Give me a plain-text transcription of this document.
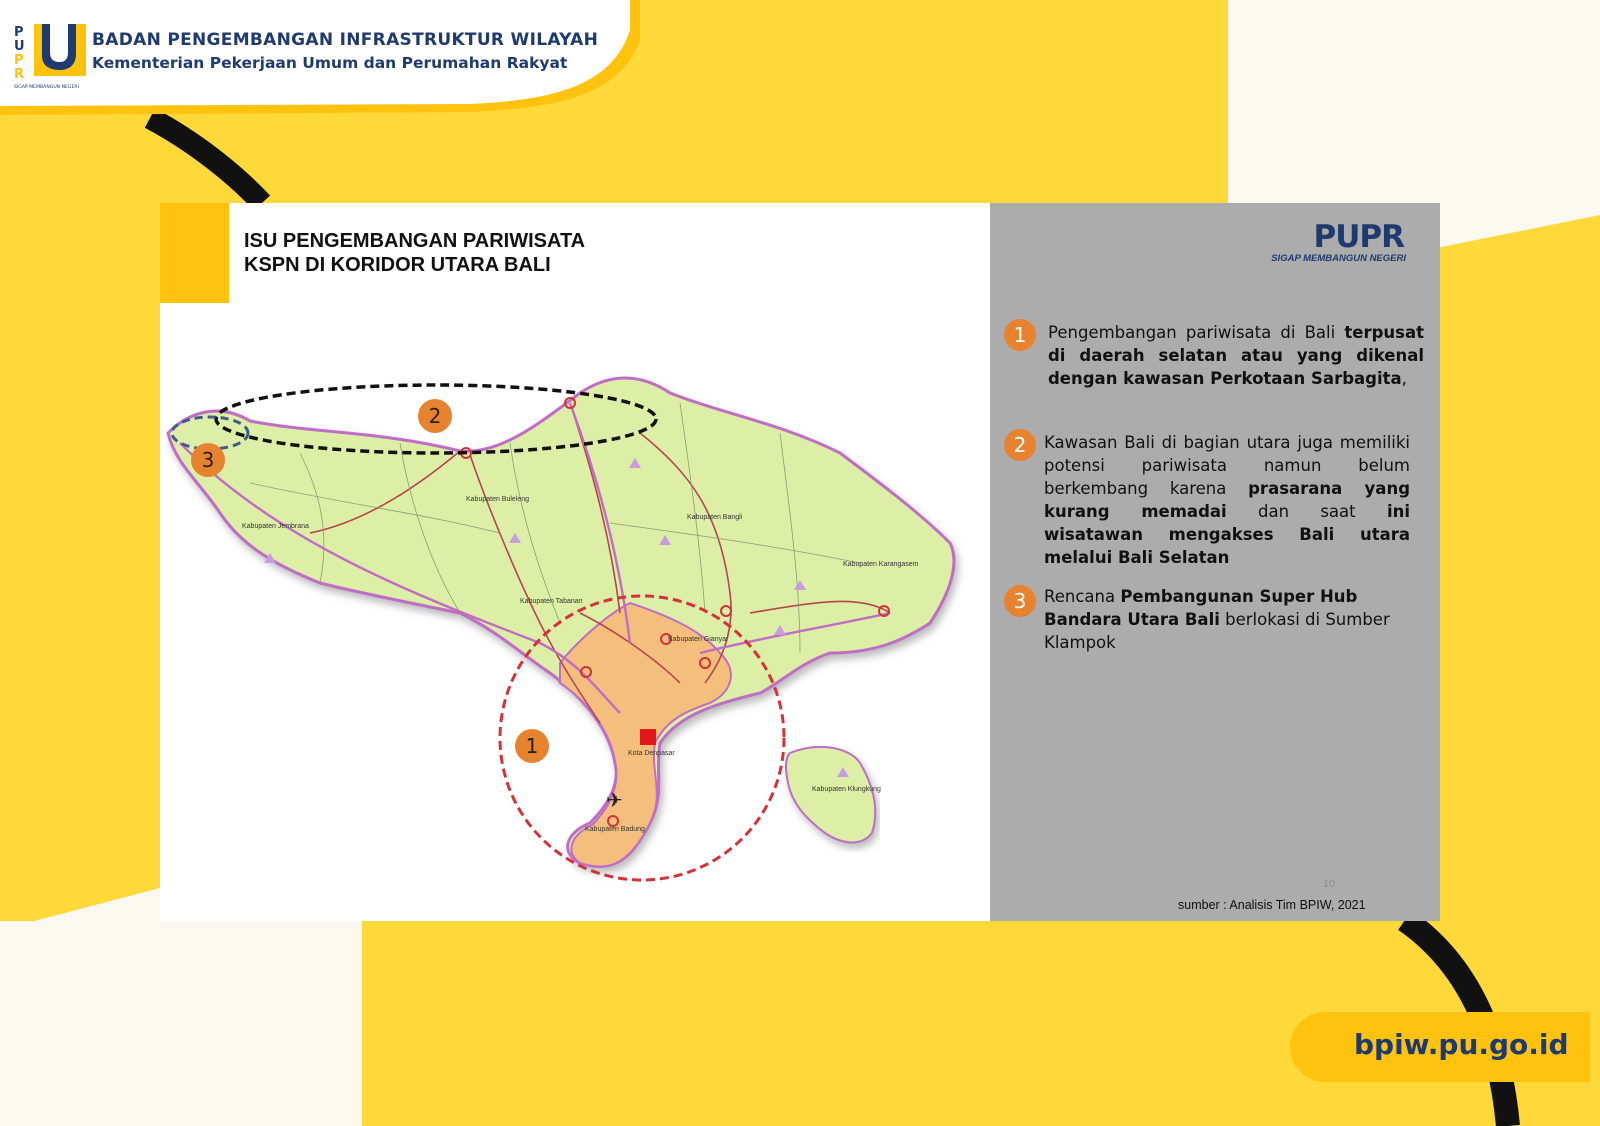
P
U
P
R
SIGAP MEMBANGUN NEGERI
BADAN PENGEMBANGAN INFRASTRUKTUR WILAYAH
Kementerian Pekerjaan Umum dan Perumahan Rakyat
ISU PENGEMBANGAN PARIWISATA
KSPN DI KORIDOR UTARA BALI
✈
Kabupaten Buleleng
Kabupaten Jembrana
Kabupaten Bangli
Kabupaten Karangasem
Kabupaten Tabanan
Kabupaten Gianyar
Kota Denpasar
Kabupaten Badung
Kabupaten Klungkung
1
2
3
PUPR
SIGAP MEMBANGUN NEGERI
1	Pengembangan pariwisata di Bali terpusat di daerah selatan atau yang dikenal dengan kawasan Perkotaan Sarbagita,
2	Kawasan Bali di bagian utara juga memiliki potensi pariwisata namun belum berkembang karena prasarana yang kurang memadai dan saat ini wisatawan mengakses Bali utara melalui Bali Selatan
3	Rencana Pembangunan Super Hub Bandara Utara Bali berlokasi di Sumber Klampok
10
sumber : Analisis Tim BPIW, 2021
bpiw.pu.go.id
